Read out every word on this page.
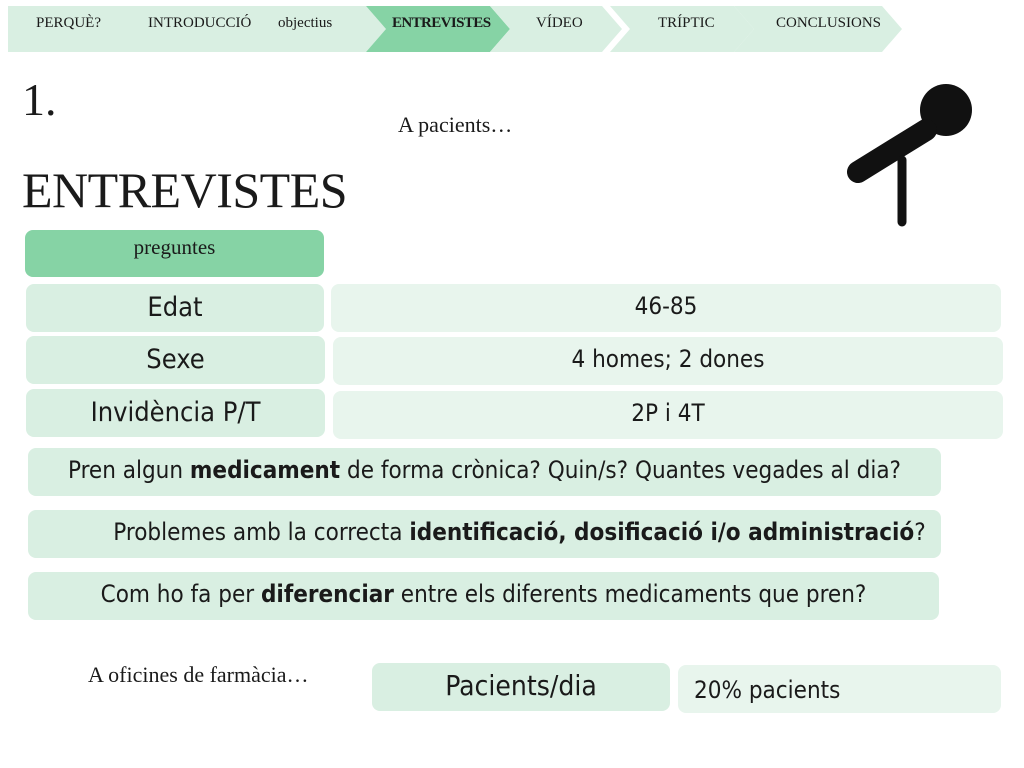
PERQUÈ?	INTRODUCCIÓ objectius	ENTREVISTES	VÍDEO	TRÍPTIC	CONCLUSIONS
1.
ENTREVISTES
A pacients…
preguntes
Edat	46-85
Sexe	4 homes; 2 dones
Invidència P/T	2P i 4T
Pren algun medicament de forma crònica? Quin/s? Quantes vegades al dia?
Problemes amb la correcta identificació, dosificació i/o administració?
Com ho fa per diferenciar entre els diferents medicaments que pren?
A oficines de farmàcia…	Pacients/dia	20% pacients
